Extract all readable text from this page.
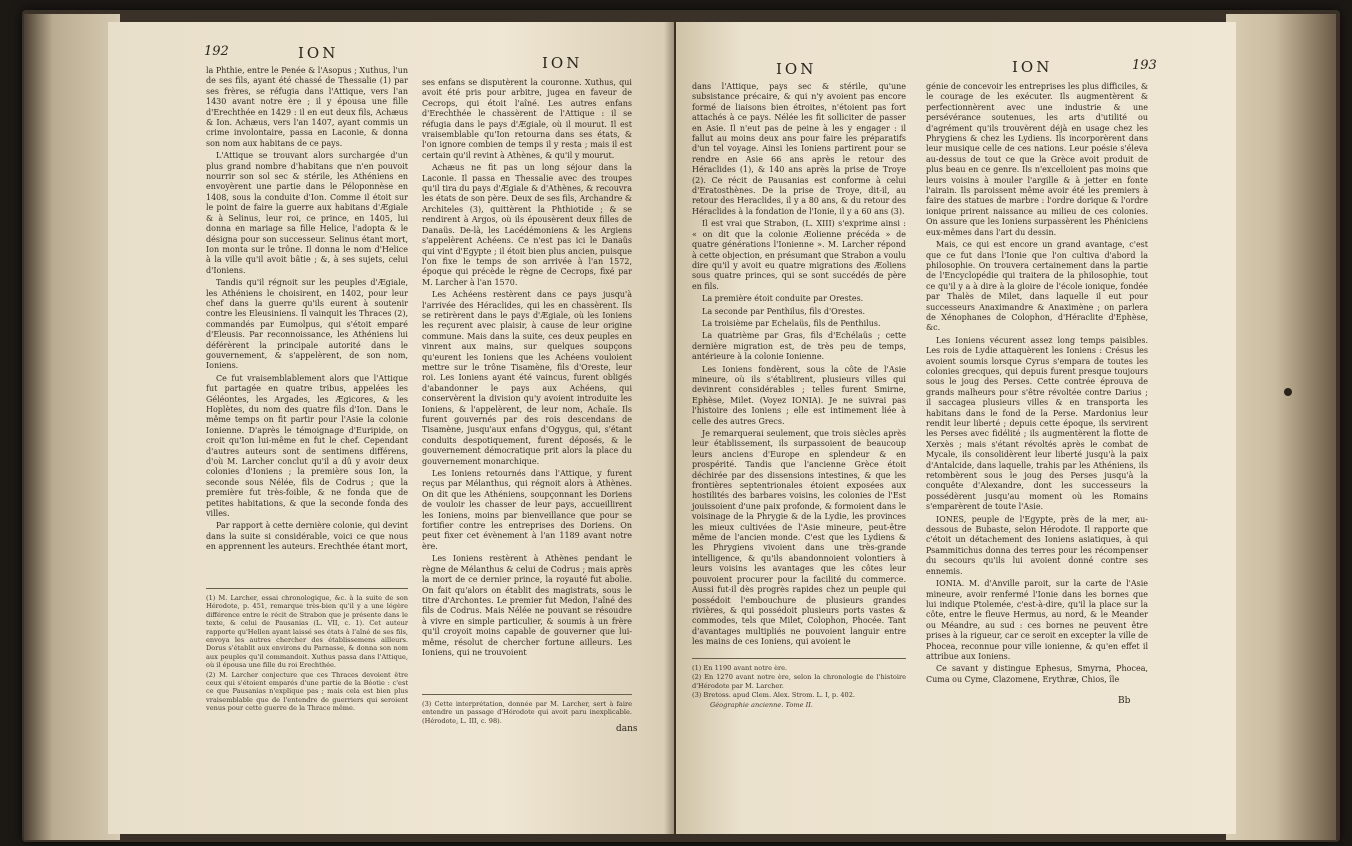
192	ION
ION

la Phthie, entre le Penée & l'Asopus ; Xuthus, l'un de ses fils, ayant été chassé de Thessalie (1) par ses frères, se réfugia dans l'Attique, vers l'an 1430 avant notre ère ; il y épousa une fille d'Erechthée en 1429 : il en eut deux fils, Achæus & Ion. Achæus, vers l'an 1407, ayant commis un crime involontaire, passa en Laconie, & donna son nom aux habitans de ce pays.

L'Attique se trouvant alors surchargée d'un plus grand nombre d'habitans que n'en pouvoit nourrir son sol sec & stérile, les Athéniens en envoyèrent une partie dans le Péloponnèse en 1408, sous la conduite d'Ion. Comme il étoit sur le point de faire la guerre aux habitans d'Ægiale & à Selinus, leur roi, ce prince, en 1405, lui donna en mariage sa fille Helice, l'adopta & le désigna pour son successeur. Selinus étant mort, Ion monta sur le trône. Il donna le nom d'Helice à la ville qu'il avoit bâtie ; &, à ses sujets, celui d'Ioniens.

Tandis qu'il régnoit sur les peuples d'Ægiale, les Athéniens le choisirent, en 1402, pour leur chef dans la guerre qu'ils eurent à soutenir contre les Eleusiniens. Il vainquit les Thraces (2), commandés par Eumolpus, qui s'étoit emparé d'Eleusis. Par reconnoissance, les Athéniens lui déférèrent la principale autorité dans le gouvernement, & s'appelèrent, de son nom, Ioniens.

Ce fut vraisemblablement alors que l'Attique fut partagée en quatre tribus, appelées les Géléontes, les Argades, les Ægicores, & les Hoplètes, du nom des quatre fils d'Ion. Dans le même temps on fit partir pour l'Asie la colonie Ionienne. D'après le témoignage d'Euripide, on croit qu'Ion lui-même en fut le chef. Cependant d'autres auteurs sont de sentimens différens, d'où M. Larcher conclut qu'il a dû y avoir deux colonies d'Ioniens ; la première sous Ion, la seconde sous Nélée, fils de Codrus ; que la première fut très-foible, & ne fonda que de petites habitations, & que la seconde fonda des villes.

Par rapport à cette dernière colonie, qui devint dans la suite si considérable, voici ce que nous en apprennent les auteurs. Erechthée étant mort,

(1) M. Larcher, essai chronologique, &c. à la suite de son Hérodote, p. 451, remarque très-bien qu'il y a une légère différence entre le récit de Strabon que je présente dans le texte, & celui de Pausanias (L. VII, c. 1). Cet auteur rapporte qu'Hellen ayant laissé ses états à l'aîné de ses fils, envoya les autres chercher des établissemens ailleurs. Dorus s'établit aux environs du Parnasse, & donna son nom aux peuples qu'il commandoit. Xuthus passa dans l'Attique, où il épousa une fille du roi Erechthée.

(2) M. Larcher conjecture que ces Thraces devoient être ceux qui s'étoient emparés d'une partie de la Béotie : c'est ce que Pausanias n'explique pas ; mais cela est bien plus vraisemblable que de l'entendre de guerriers qui seroient venus pour cette guerre de la Thrace même.

ses enfans se disputèrent la couronne. Xuthus, qui avoit été pris pour arbitre, jugea en faveur de Cecrops, qui étoit l'aîné. Les autres enfans d'Erechthée le chassèrent de l'Attique : il se réfugia dans le pays d'Ægiale, où il mourut. Il est vraisemblable qu'Ion retourna dans ses états, & l'on ignore combien de temps il y resta ; mais il est certain qu'il revint à Athènes, & qu'il y mourut.

Achæus ne fit pas un long séjour dans la Laconie. Il passa en Thessalie avec des troupes qu'il tira du pays d'Ægiale & d'Athènes, & recouvra les états de son père. Deux de ses fils, Archandre & Architeles (3), quittèrent la Phthiotide ; & se rendirent à Argos, où ils épousèrent deux filles de Danaüs. De-là, les Lacédémoniens & les Argiens s'appelèrent Achéens. Ce n'est pas ici le Danaüs qui vint d'Egypte ; il étoit bien plus ancien, puisque l'on fixe le temps de son arrivée à l'an 1572, époque qui précède le règne de Cecrops, fixé par M. Larcher à l'an 1570.

Les Achéens restèrent dans ce pays jusqu'à l'arrivée des Héraclides, qui les en chassèrent. Ils se retirèrent dans le pays d'Ægiale, où les Ioniens les reçurent avec plaisir, à cause de leur origine commune. Mais dans la suite, ces deux peuples en vinrent aux mains, sur quelques soupçons qu'eurent les Ioniens que les Achéens vouloient mettre sur le trône Tisamène, fils d'Oreste, leur roi. Les Ioniens ayant été vaincus, furent obligés d'abandonner le pays aux Achéens, qui conservèrent la division qu'y avoient introduite les Ioniens, & l'appelèrent, de leur nom, Achaïe. Ils furent gouvernés par des rois descendans de Tisamène, jusqu'aux enfans d'Ogygus, qui, s'étant conduits despotiquement, furent déposés, & le gouvernement démocratique prit alors la place du gouvernement monarchique.

Les Ioniens retournés dans l'Attique, y furent reçus par Mélanthus, qui régnoit alors à Athènes. On dit que les Athéniens, soupçonnant les Doriens de vouloir les chasser de leur pays, accueillirent les Ioniens, moins par bienveillance que pour se fortifier contre les entreprises des Doriens. On peut fixer cet évènement à l'an 1189 avant notre ère.

Les Ioniens restèrent à Athènes pendant le règne de Mélanthus & celui de Codrus ; mais après la mort de ce dernier prince, la royauté fut abolie. On fait qu'alors on établit des magistrats, sous le titre d'Archontes. Le premier fut Medon, l'aîné des fils de Codrus. Mais Nélée ne pouvant se résoudre à vivre en simple particulier, & soumis à un frère qu'il croyoit moins capable de gouverner que lui-même, résolut de chercher fortune ailleurs. Les Ioniens, qui ne trouvoient

(3) Cette interprétation, donnée par M. Larcher, sert à faire entendre un passage d'Hérodote qui avoit paru inexplicable. (Hérodote, L. III, c. 98).

dans
ION	ION	193

dans l'Attique, pays sec & stérile, qu'une subsistance précaire, & qui n'y avoient pas encore formé de liaisons bien étroites, n'étoient pas fort attachés à ce pays. Nélée les fit solliciter de passer en Asie. Il n'eut pas de peine à les y engager : il fallut au moins deux ans pour faire les préparatifs d'un tel voyage. Ainsi les Ioniens partirent pour se rendre en Asie 66 ans après le retour des Héraclides (1), & 140 ans après la prise de Troye (2). Ce récit de Pausanias est conforme à celui d'Eratosthènes. De la prise de Troye, dit-il, au retour des Heraclides, il y a 80 ans, & du retour des Héraclides à la fondation de l'Ionie, il y a 60 ans (3).

Il est vrai que Strabon, (L. XIII) s'exprime ainsi : « on dit que la colonie Æolienne précéda » de quatre générations l'Ionienne ». M. Larcher répond à cette objection, en présumant que Strabon a voulu dire qu'il y avoit eu quatre migrations des Æoliens sous quatre princes, qui se sont succédés de père en fils.

La première étoit conduite par Orestes.

La seconde par Penthilus, fils d'Orestes.

La troisième par Echelaüs, fils de Penthilus.

La quatrième par Gras, fils d'Echélaüs ; cette dernière migration est, de très peu de temps, antérieure à la colonie Ionienne.

Les Ioniens fondèrent, sous la côte de l'Asie mineure, où ils s'établirent, plusieurs villes qui devinrent considérables ; telles furent Smirne, Ephèse, Milet. (Voyez IONIA). Je ne suivrai pas l'histoire des Ioniens ; elle est intimement liée à celle des autres Grecs.

Je remarquerai seulement, que trois siècles après leur établissement, ils surpassoient de beaucoup leurs anciens d'Europe en splendeur & en prospérité. Tandis que l'ancienne Grèce étoit déchirée par des dissensions intestines, & que les frontières septentrionales étoient exposées aux hostilités des barbares voisins, les colonies de l'Est jouissoient d'une paix profonde, & formoient dans le voisinage de la Phrygie & de la Lydie, les provinces les mieux cultivées de l'Asie mineure, peut-être même de l'ancien monde. C'est que les Lydiens & les Phrygiens vivoient dans une très-grande intelligence, & qu'ils abandonnoient volontiers à leurs voisins les avantages que les côtes leur pouvoient procurer pour la facilité du commerce. Aussi fut-il dès progrès rapides chez un peuple qui possédoit l'embouchure de plusieurs grandes rivières, & qui possédoit plusieurs ports vastes & commodes, tels que Milet, Colophon, Phocée. Tant d'avantages multipliés ne pouvoient languir entre les mains de ces Ioniens, qui avoient le

(1) En 1190 avant notre ère.

(2) En 1270 avant notre ère, selon la chronologie de l'histoire d'Hérodote par M. Larcher.

(3) Bretoss. apud Clem. Alex. Strom. L. I, p. 402.

Géographie ancienne. Tome II.

génie de concevoir les entreprises les plus difficiles, & le courage de les exécuter. Ils augmentèrent & perfectionnèrent avec une industrie & une persévérance soutenues, les arts d'utilité ou d'agrément qu'ils trouvèrent déjà en usage chez les Phrygiens & chez les Lydiens. Ils incorporèrent dans leur musique celle de ces nations. Leur poésie s'éleva au-dessus de tout ce que la Grèce avoit produit de plus beau en ce genre. Ils n'excelloient pas moins que leurs voisins à mouler l'argille & à jetter en fonte l'airain. Ils paroissent même avoir été les premiers à faire des statues de marbre : l'ordre dorique & l'ordre ionique prirent naissance au milieu de ces colonies. On assure que les Ioniens surpassèrent les Phéniciens eux-mêmes dans l'art du dessin.

Mais, ce qui est encore un grand avantage, c'est que ce fut dans l'Ionie que l'on cultiva d'abord la philosophie. On trouvera certainement dans la partie de l'Encyclopédie qui traitera de la philosophie, tout ce qu'il y a à dire à la gloire de l'école ionique, fondée par Thalès de Milet, dans laquelle il eut pour successeurs Anaximandre & Anaximène ; on parlera de Xénophanes de Colophon, d'Héraclite d'Ephèse, &c.

Les Ioniens vécurent assez long temps paisibles. Les rois de Lydie attaquèrent les Ioniens : Crésus les avoient soumis lorsque Cyrus s'empara de toutes les colonies grecques, qui depuis furent presque toujours sous le joug des Perses. Cette contrée éprouva de grands malheurs pour s'être révoltée contre Darius ; il saccagea plusieurs villes & en transporta les habitans dans le fond de la Perse. Mardonius leur rendit leur liberté ; depuis cette époque, ils servirent les Perses avec fidélité ; ils augmentèrent la flotte de Xerxès ; mais s'étant révoltés après le combat de Mycale, ils consolidèrent leur liberté jusqu'à la paix d'Antalcide, dans laquelle, trahis par les Athéniens, ils retombèrent sous le joug des Perses jusqu'à la conquête d'Alexandre, dont les successeurs la possédèrent jusqu'au moment où les Romains s'emparèrent de toute l'Asie.

IONES, peuple de l'Egypte, près de la mer, au-dessous de Bubaste, selon Hérodote. Il rapporte que c'étoit un détachement des Ioniens asiatiques, à qui Psammitichus donna des terres pour les récompenser du secours qu'ils lui avoient donné contre ses ennemis.

IONIA. M. d'Anville paroit, sur la carte de l'Asie mineure, avoir renfermé l'Ionie dans les bornes que lui indique Ptolemée, c'est-à-dire, qu'il la place sur la côte, entre le fleuve Hermus, au nord, & le Meander ou Méandre, au sud : ces bornes ne peuvent être prises à la rigueur, car ce seroit en excepter la ville de Phocea, reconnue pour ville ionienne, & qu'en effet il attribue aux Ioniens.

Ce savant y distingue Ephesus, Smyrna, Phocea, Cuma ou Cyme, Clazomene, Erythræ, Chios, île

Bb
